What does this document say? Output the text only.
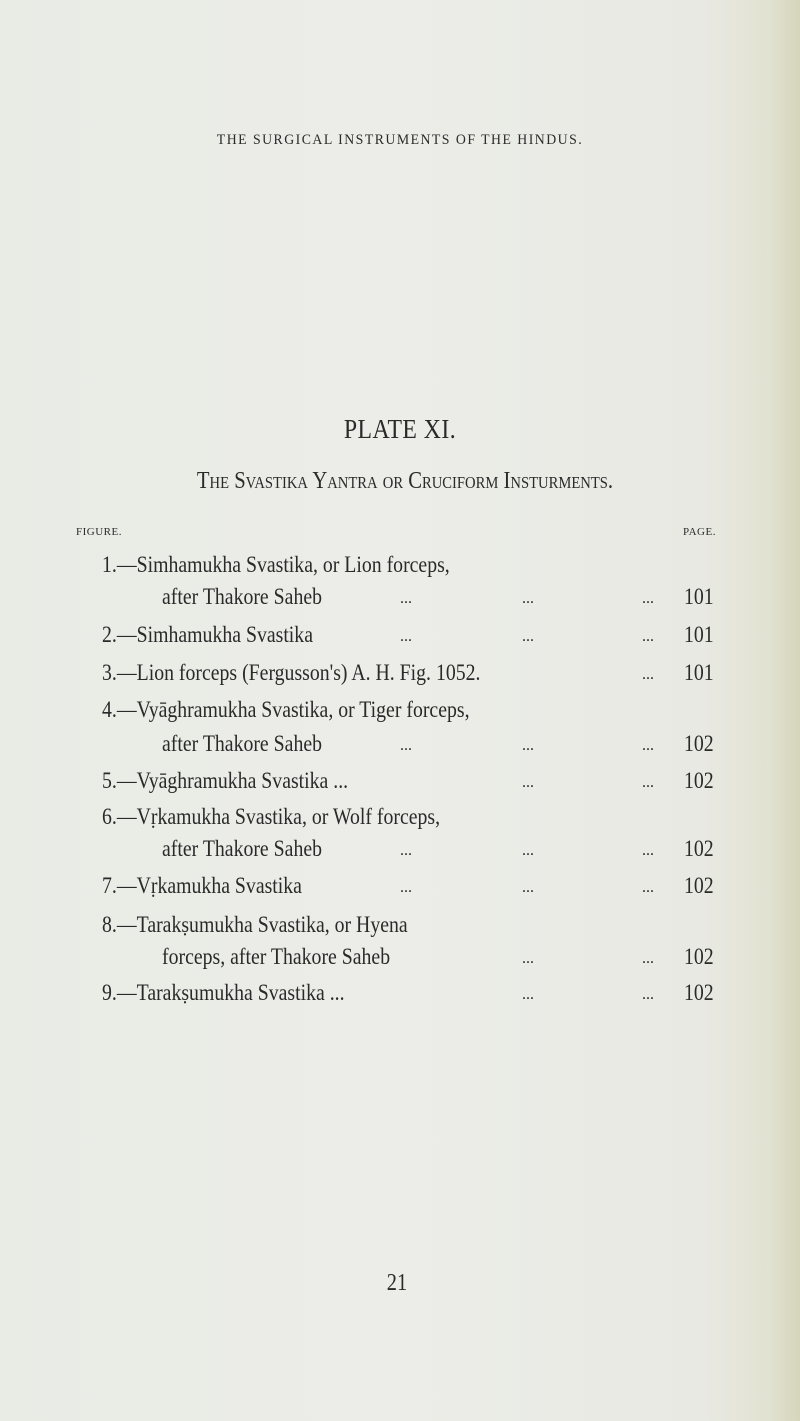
THE SURGICAL INSTRUMENTS OF THE HINDUS.
PLATE XI.
The Svastika Yantra or Cruciform Insturments.
FIGURE.	PAGE.
1.—Simhamukha Svastika, or Lion forceps,
after Thakore Saheb	...	...	... 101
2.—Simhamukha Svastika	...	...	... 101
3.—Lion forceps (Fergusson's) A. H. Fig. 1052.	... 101
4.—Vyāghramukha Svastika, or Tiger forceps,
after Thakore Saheb	...	...	... 102
5.—Vyāghramukha Svastika ...	...	... 102
6.—Vṛkamukha Svastika, or Wolf forceps,
after Thakore Saheb	...	...	... 102
7.—Vṛkamukha Svastika	...	...	... 102
8.—Tarakṣumukha Svastika, or Hyena
forceps, after Thakore Saheb	...	... 102
9.—Tarakṣumukha Svastika ...	...	... 102
21
